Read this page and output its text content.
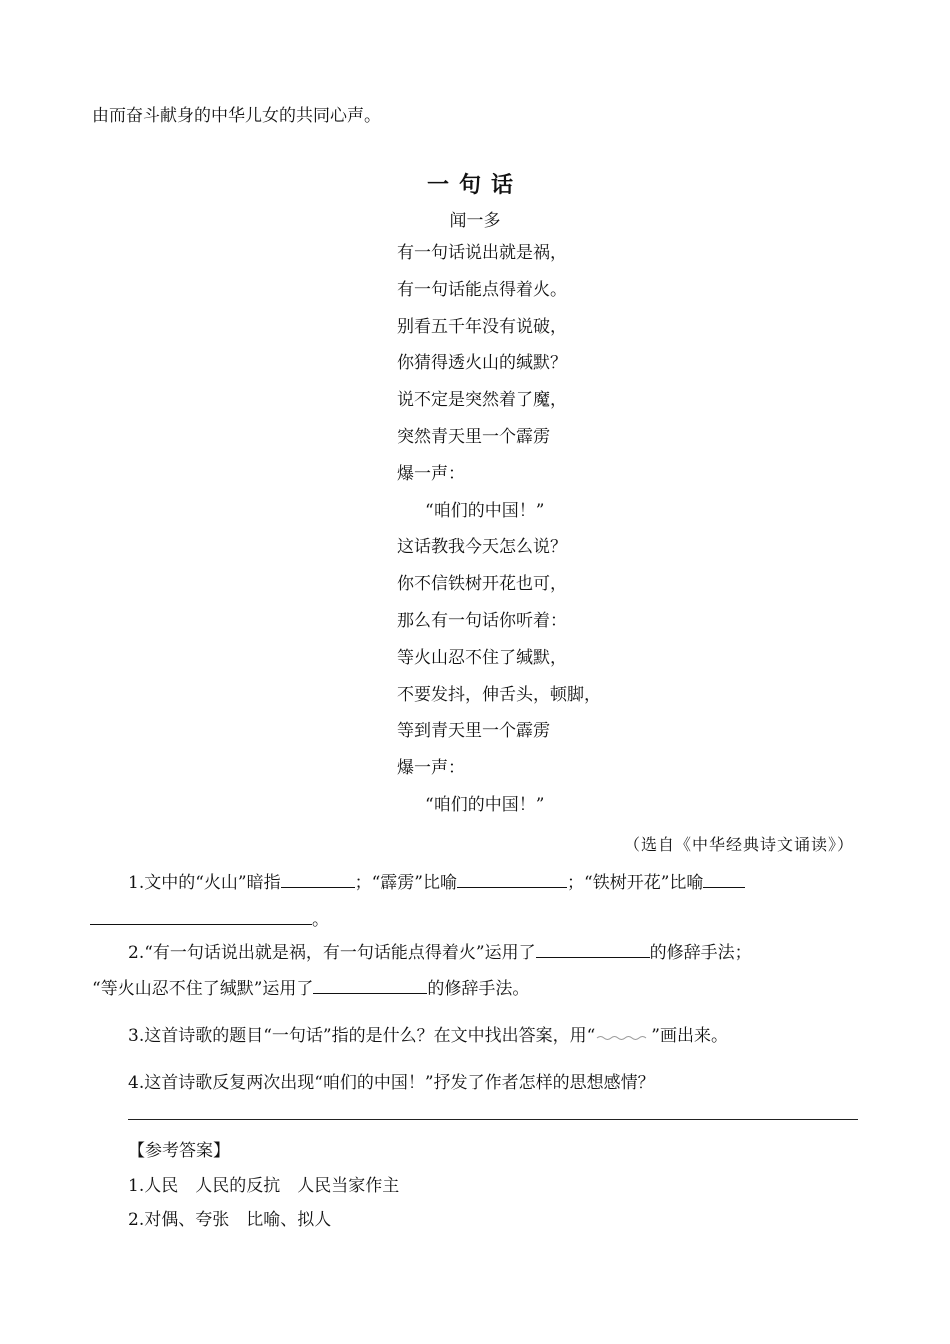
由而奋斗献身的中华儿女的共同心声。
一句话
闻一多
有一句话说出就是祸，
有一句话能点得着火。
别看五千年没有说破，
你猜得透火山的缄默？
说不定是突然着了魔，
突然青天里一个霹雳
爆一声：
“咱们的中国！”
这话教我今天怎么说？
你不信铁树开花也可，
那么有一句话你听着：
等火山忍不住了缄默，
不要发抖，伸舌头，顿脚，
等到青天里一个霹雳
爆一声：
“咱们的中国！”
（选自《中华经典诗文诵读》）
1.文中的“火山”暗指	；“霹雳”比喻	；“铁树开花”比喻
。
2.“有一句话说出就是祸，有一句话能点得着火”运用了	的修辞手法；
“等火山忍不住了缄默”运用了	的修辞手法。
3.这首诗歌的题目“一句话”指的是什么？在文中找出答案，用“	”画出来。
4.这首诗歌反复两次出现“咱们的中国！”抒发了作者怎样的思想感情？
【参考答案】
1.人民　人民的反抗　人民当家作主
2.对偶、夸张　比喻、拟人
